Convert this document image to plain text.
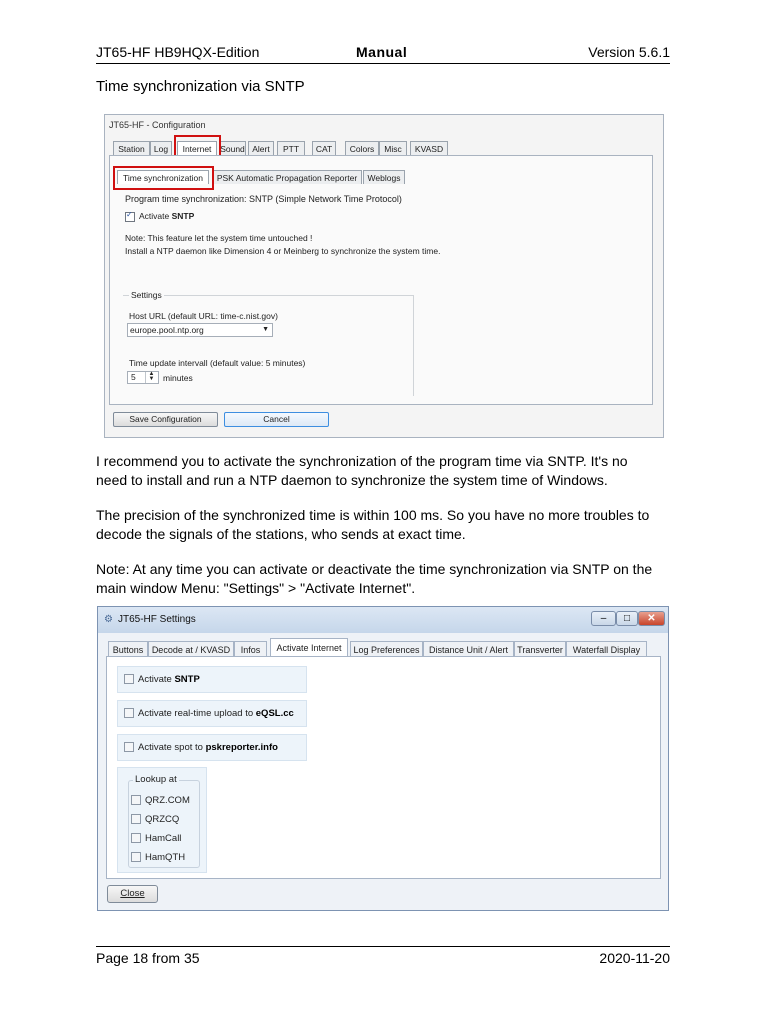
JT65-HF HB9HQX-Edition	Manual	Version 5.6.1
Time synchronization via SNTP
JT65-HF - Configuration
Station	Log	Internet	Sound Alert	PTT	CAT	Colors	Misc	KVASD
Time synchronization	PSK Automatic Propagation Reporter	Weblogs
Program time synchronization: SNTP (Simple Network Time Protocol)
✓Activate SNTP
Note: This feature let the system time untouched !
Install a NTP daemon like Dimension 4 or Meinberg to synchronize the system time.
Settings
Host URL (default URL: time-c.nist.gov)
europe.pool.ntp.org	▼
Time update intervall (default value: 5 minutes)
5	▲
▼ minutes
Save Configuration	Cancel
I recommend you to activate the synchronization of the program time via SNTP. It's no
need to install and run a NTP daemon to synchronize the system time of Windows.
The precision of the synchronized time is within 100 ms. So you have no more troubles to
decode the signals of the stations, who sends at exact time.
Note: At any time you can activate or deactivate the time synchronization via SNTP on the
main window Menu: "Settings" > "Activate Internet".
⚙ JT65-HF Settings	–	□	✕
Buttons Decode at / KVASD	Infos	Activate Internet	Log Preferences	Distance Unit / Alert	Transverter	Waterfall Display
Activate SNTP
Activate real-time upload to eQSL.cc
Activate spot to pskreporter.info
Lookup at
QRZ.COM
QRZCQ
HamCall
HamQTH
Close
Page 18 from 35	2020-11-20
